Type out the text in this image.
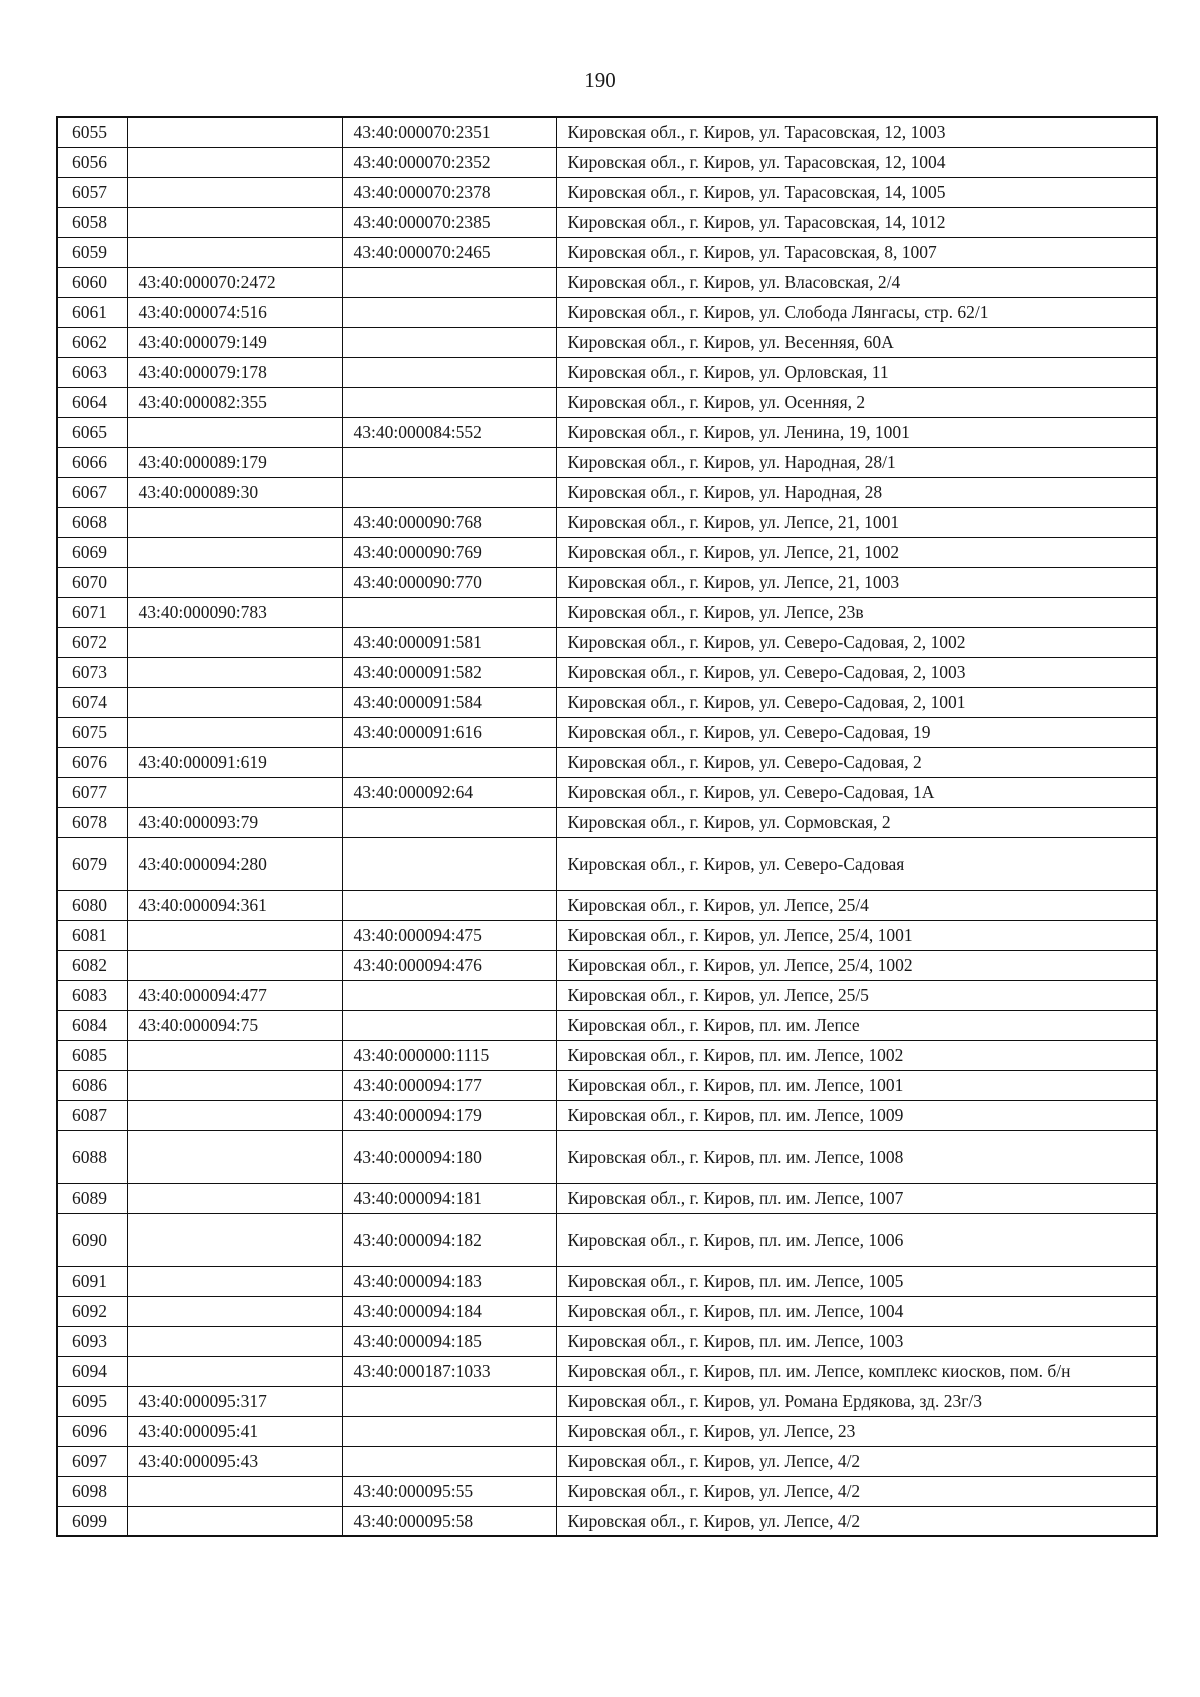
190
6055		43:40:000070:2351	Кировская обл., г. Киров, ул. Тарасовская, 12, 1003
6056		43:40:000070:2352	Кировская обл., г. Киров, ул. Тарасовская, 12, 1004
6057		43:40:000070:2378	Кировская обл., г. Киров, ул. Тарасовская, 14, 1005
6058		43:40:000070:2385	Кировская обл., г. Киров, ул. Тарасовская, 14, 1012
6059		43:40:000070:2465	Кировская обл., г. Киров, ул. Тарасовская, 8, 1007
6060	43:40:000070:2472		Кировская обл., г. Киров, ул. Власовская, 2/4
6061	43:40:000074:516		Кировская обл., г. Киров, ул. Слобода Лянгасы, стр. 62/1
6062	43:40:000079:149		Кировская обл., г. Киров, ул. Весенняя, 60А
6063	43:40:000079:178		Кировская обл., г. Киров, ул. Орловская, 11
6064	43:40:000082:355		Кировская обл., г. Киров, ул. Осенняя, 2
6065		43:40:000084:552	Кировская обл., г. Киров, ул. Ленина, 19, 1001
6066	43:40:000089:179		Кировская обл., г. Киров, ул. Народная, 28/1
6067	43:40:000089:30		Кировская обл., г. Киров, ул. Народная, 28
6068		43:40:000090:768	Кировская обл., г. Киров, ул. Лепсе, 21, 1001
6069		43:40:000090:769	Кировская обл., г. Киров, ул. Лепсе, 21, 1002
6070		43:40:000090:770	Кировская обл., г. Киров, ул. Лепсе, 21, 1003
6071	43:40:000090:783		Кировская обл., г. Киров, ул. Лепсе, 23в
6072		43:40:000091:581	Кировская обл., г. Киров, ул. Северо-Садовая, 2, 1002
6073		43:40:000091:582	Кировская обл., г. Киров, ул. Северо-Садовая, 2, 1003
6074		43:40:000091:584	Кировская обл., г. Киров, ул. Северо-Садовая, 2, 1001
6075		43:40:000091:616	Кировская обл., г. Киров, ул. Северо-Садовая, 19
6076	43:40:000091:619		Кировская обл., г. Киров, ул. Северо-Садовая, 2
6077		43:40:000092:64	Кировская обл., г. Киров, ул. Северо-Садовая, 1А
6078	43:40:000093:79		Кировская обл., г. Киров, ул. Сормовская, 2
6079	43:40:000094:280		Кировская обл., г. Киров, ул. Северо-Садовая
6080	43:40:000094:361		Кировская обл., г. Киров, ул. Лепсе, 25/4
6081		43:40:000094:475	Кировская обл., г. Киров, ул. Лепсе, 25/4, 1001
6082		43:40:000094:476	Кировская обл., г. Киров, ул. Лепсе, 25/4, 1002
6083	43:40:000094:477		Кировская обл., г. Киров, ул. Лепсе, 25/5
6084	43:40:000094:75		Кировская обл., г. Киров, пл. им. Лепсе
6085		43:40:000000:1115	Кировская обл., г. Киров, пл. им. Лепсе, 1002
6086		43:40:000094:177	Кировская обл., г. Киров, пл. им. Лепсе, 1001
6087		43:40:000094:179	Кировская обл., г. Киров, пл. им. Лепсе, 1009
6088		43:40:000094:180	Кировская обл., г. Киров, пл. им. Лепсе, 1008
6089		43:40:000094:181	Кировская обл., г. Киров, пл. им. Лепсе, 1007
6090		43:40:000094:182	Кировская обл., г. Киров, пл. им. Лепсе, 1006
6091		43:40:000094:183	Кировская обл., г. Киров, пл. им. Лепсе, 1005
6092		43:40:000094:184	Кировская обл., г. Киров, пл. им. Лепсе, 1004
6093		43:40:000094:185	Кировская обл., г. Киров, пл. им. Лепсе, 1003
6094		43:40:000187:1033	Кировская обл., г. Киров, пл. им. Лепсе, комплекс киосков, пом. б/н
6095	43:40:000095:317		Кировская обл., г. Киров, ул. Романа Ердякова, зд. 23г/3
6096	43:40:000095:41		Кировская обл., г. Киров, ул. Лепсе, 23
6097	43:40:000095:43		Кировская обл., г. Киров, ул. Лепсе, 4/2
6098		43:40:000095:55	Кировская обл., г. Киров, ул. Лепсе, 4/2
6099		43:40:000095:58	Кировская обл., г. Киров, ул. Лепсе, 4/2
